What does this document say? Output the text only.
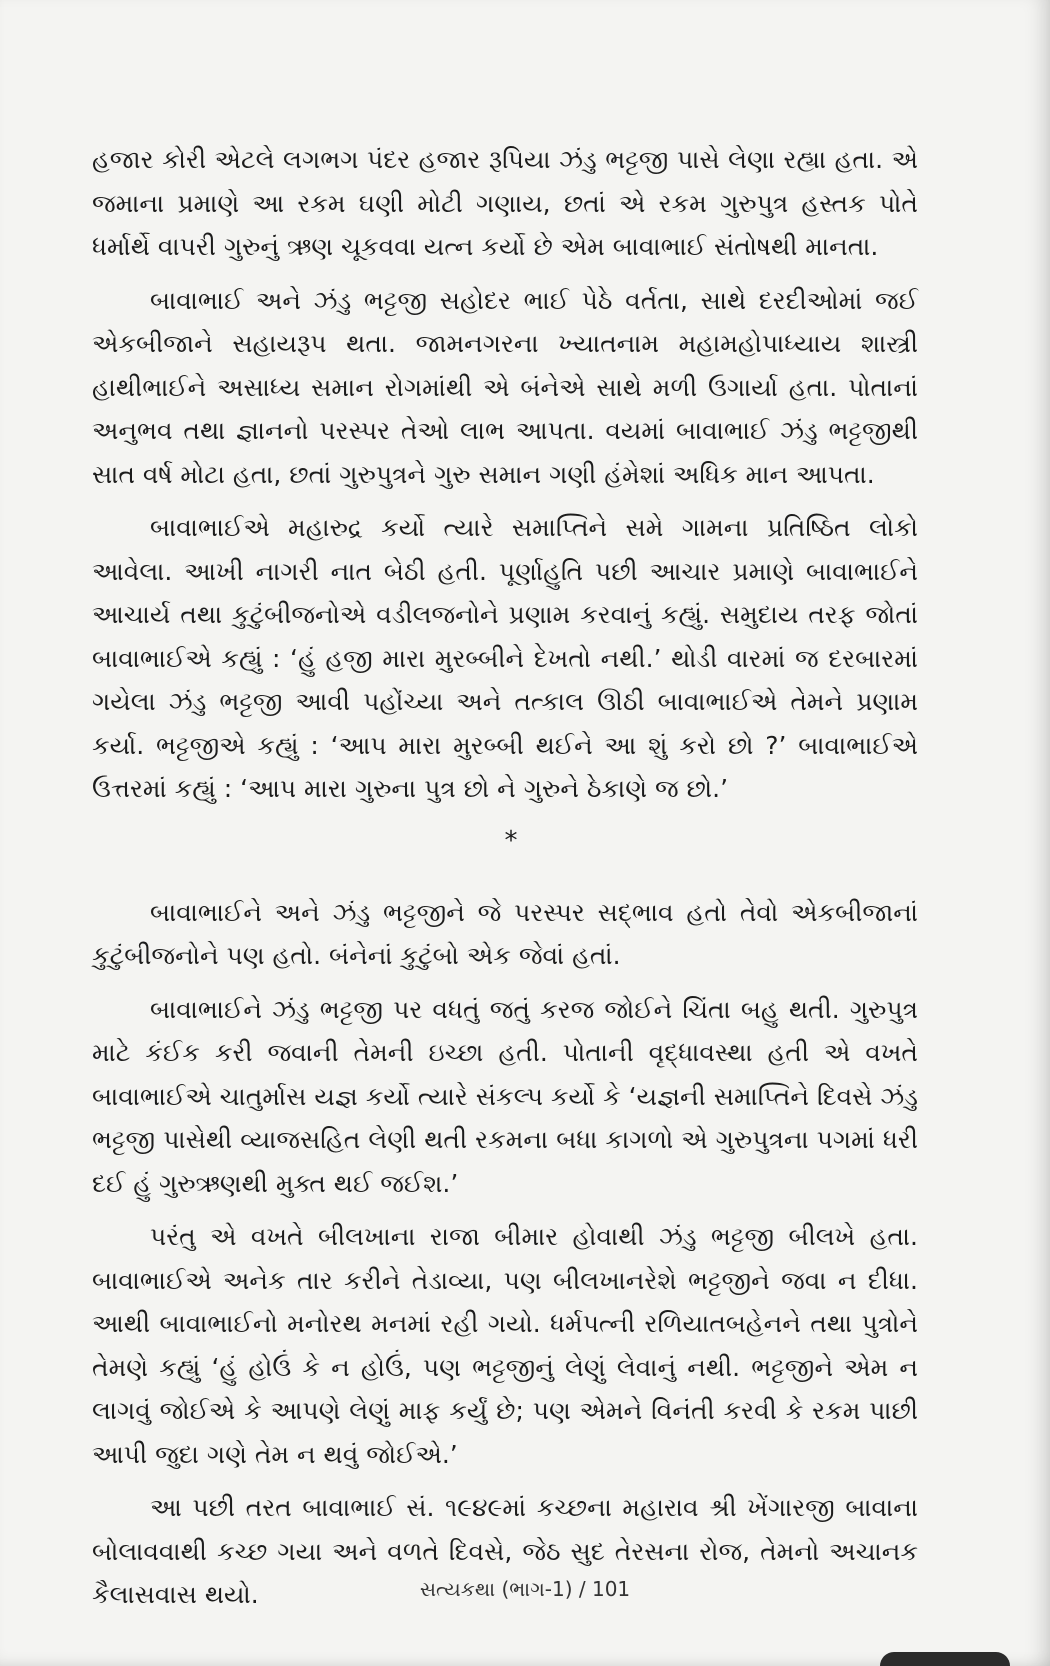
હજાર કોરી એટલે લગભગ પંદર હજાર રૂપિયા ઝંડુ ભટ્ટજી પાસે લેણા રહ્યા હતા. એ જમાના પ્રમાણે આ રકમ ઘણી મોટી ગણાય, છતાં એ રકમ ગુરુપુત્ર હસ્તક પોતે ધર્માર્થે વાપરી ગુરુનું ઋણ ચૂકવવા યત્ન કર્યો છે એમ બાવાભાઈ સંતોષથી માનતા.

બાવાભાઈ અને ઝંડુ ભટ્ટજી સહોદર ભાઈ પેઠે વર્તતા, સાથે દરદીઓમાં જઈ એકબીજાને સહાયરૂપ થતા. જામનગરના ખ્યાતનામ મહામહોપાધ્યાય શાસ્ત્રી હાથીભાઈને અસાધ્ય સમાન રોગમાંથી એ બંનેએ સાથે મળી ઉગાર્યા હતા. પોતાનાં અનુભવ તથા જ્ઞાનનો પરસ્પર તેઓ લાભ આપતા. વયમાં બાવાભાઈ ઝંડુ ભટ્ટજીથી સાત વર્ષ મોટા હતા, છતાં ગુરુપુત્રને ગુરુ સમાન ગણી હંમેશાં અધિક માન આપતા.

બાવાભાઈએ મહારુદ્ર કર્યો ત્યારે સમાપ્તિને સમે ગામના પ્રતિષ્ઠિત લોકો આવેલા. આખી નાગરી નાત બેઠી હતી. પૂર્ણાહુતિ પછી આચાર પ્રમાણે બાવાભાઈને આચાર્ય તથા કુટુંબીજનોએ વડીલજનોને પ્રણામ કરવાનું કહ્યું. સમુદાય તરફ જોતાં બાવાભાઈએ કહ્યું : ‘હું હજી મારા મુરબ્બીને દેખતો નથી.’ થોડી વારમાં જ દરબારમાં ગયેલા ઝંડુ ભટ્ટજી આવી પહોંચ્યા અને તત્કાલ ઊઠી બાવાભાઈએ તેમને પ્રણામ કર્યા. ભટ્ટજીએ કહ્યું : ‘આપ મારા મુરબ્બી થઈને આ શું કરો છો ?’ બાવાભાઈએ ઉત્તરમાં કહ્યું : ‘આપ મારા ગુરુના પુત્ર છો ને ગુરુને ઠેકાણે જ છો.’

*

બાવાભાઈને અને ઝંડુ ભટ્ટજીને જે પરસ્પર સદ્ભાવ હતો તેવો એકબીજાનાં કુટુંબીજનોને પણ હતો. બંનેનાં કુટુંબો એક જેવાં હતાં.

બાવાભાઈને ઝંડુ ભટ્ટજી પર વધતું જતું કરજ જોઈને ચિંતા બહુ થતી. ગુરુપુત્ર માટે કંઈક કરી જવાની તેમની ઇચ્છા હતી. પોતાની વૃદ્ધાવસ્થા હતી એ વખતે બાવાભાઈએ ચાતુર્માસ યજ્ઞ કર્યો ત્યારે સંકલ્પ કર્યો કે ‘યજ્ઞની સમાપ્તિને દિવસે ઝંડુ ભટ્ટજી પાસેથી વ્યાજસહિત લેણી થતી રકમના બધા કાગળો એ ગુરુપુત્રના પગમાં ધરી દઈ હું ગુરુઋણથી મુક્ત થઈ જઈશ.’

પરંતુ એ વખતે બીલખાના રાજા બીમાર હોવાથી ઝંડુ ભટ્ટજી બીલખે હતા. બાવાભાઈએ અનેક તાર કરીને તેડાવ્યા, પણ બીલખાનરેશે ભટ્ટજીને જવા ન દીધા. આથી બાવાભાઈનો મનોરથ મનમાં રહી ગયો. ધર્મપત્ની રળિયાતબહેનને તથા પુત્રોને તેમણે કહ્યું ‘હું હોઉં કે ન હોઉં, પણ ભટ્ટજીનું લેણું લેવાનું નથી. ભટ્ટજીને એમ ન લાગવું જોઈએ કે આપણે લેણું માફ કર્યું છે; પણ એમને વિનંતી કરવી કે રકમ પાછી આપી જુદા ગણે તેમ ન થવું જોઈએ.’

આ પછી તરત બાવાભાઈ સં. ૧૯૪૯માં કચ્છના મહારાવ શ્રી ખેંગારજી બાવાના બોલાવવાથી કચ્છ ગયા અને વળતે દિવસે, જેઠ સુદ તેરસના રોજ, તેમનો અચાનક કૈલાસવાસ થયો.	સત્યકથા (ભાગ-1) / 101
